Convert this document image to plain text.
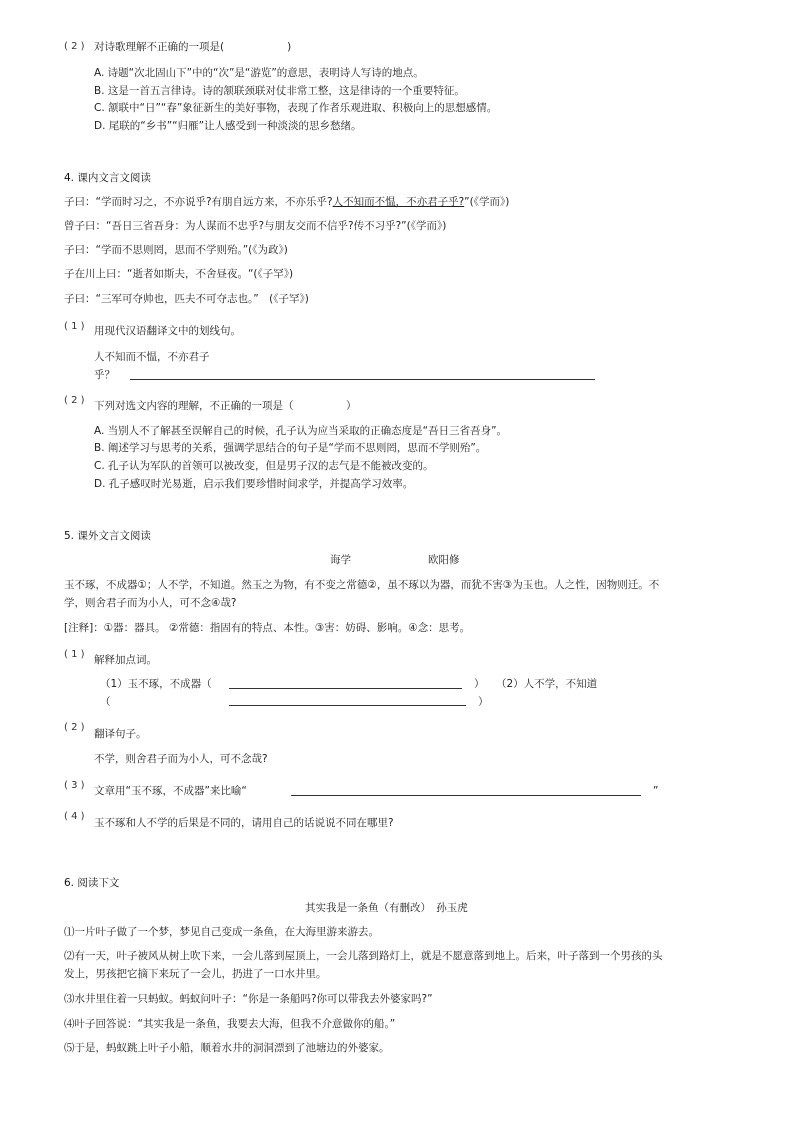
( 2 ) 对诗歌理解不正确的一项是(　　　　　　)
A. 诗题“次北固山下”中的“次”是“游览”的意思，表明诗人写诗的地点。
B. 这是一首五言律诗。诗的颔联颈联对仗非常工整，这是律诗的一个重要特征。
C. 颔联中“日”“春”象征新生的美好事物，表现了作者乐观进取、积极向上的思想感情。
D. 尾联的“乡书”“归雁”让人感受到一种淡淡的思乡愁绪。
4. 课内文言文阅读
子曰：“学而时习之，不亦说乎?有朋自远方来，不亦乐乎?人不知而不愠，不亦君子乎?”(《学而》)
曾子曰：“吾日三省吾身：为人谋而不忠乎?与朋友交而不信乎?传不习乎?”(《学而》)
子曰：“学而不思则罔，思而不学则殆。”(《为政》)
子在川上曰：“逝者如斯夫，不舍昼夜。“(《子罕》)
子曰：“三军可夺帅也，匹夫不可夺志也。”　(《子罕》)
( 1 ) 用现代汉语翻译文中的划线句。
人不知而不愠，不亦君子
乎？
( 2 ) 下列对选文内容的理解，不正确的一项是（　　　　　）
A. 当别人不了解甚至误解自己的时候，孔子认为应当采取的正确态度是“吾日三省吾身”。
B. 阐述学习与思考的关系，强调学思结合的句子是“学而不思则罔，思而不学则殆”。
C. 孔子认为军队的首领可以被改变，但是男子汉的志气是不能被改变的。
D. 孔子感叹时光易逝，启示我们要珍惜时间求学，并提高学习效率。
5. 课外文言文阅读
诲学	欧阳修
玉不琢，不成器①；人不学，不知道。然玉之为物，有不变之常德②，虽不琢以为器，而犹不害③为玉也。人之性，因物则迁。不
学，则舍君子而为小人，可不念④哉?
[注释]：①器：器具。 ②常德：指固有的特点、本性。③害：妨碍、影响。④念：思考。
( 1 ) 解释加点词。
（1）玉不琢，不成器（	） （2）人不学，不知道
（	）
( 2 )
翻译句子。
不学，则舍君子而为小人，可不念哉?
( 3 ) 文章用“玉不琢，不成器”来比喻“	”
( 4 )
玉不琢和人不学的后果是不同的，请用自己的话说说不同在哪里?
6. 阅读下文
其实我是一条鱼（有删改）　孙玉虎
⑴一片叶子做了一个梦，梦见自己变成一条鱼，在大海里游来游去。
⑵有一天，叶子被风从树上吹下来，一会儿落到屋顶上，一会儿落到路灯上，就是不愿意落到地上。后来，叶子落到一个男孩的头
发上，男孩把它摘下来玩了一会儿，扔进了一口水井里。
⑶水井里住着一只蚂蚁。蚂蚁问叶子：“你是一条船吗?你可以带我去外婆家吗?”
⑷叶子回答说：“其实我是一条鱼，我要去大海，但我不介意做你的船。”
⑸于是，蚂蚁跳上叶子小船，顺着水井的洞洞漂到了池塘边的外婆家。
